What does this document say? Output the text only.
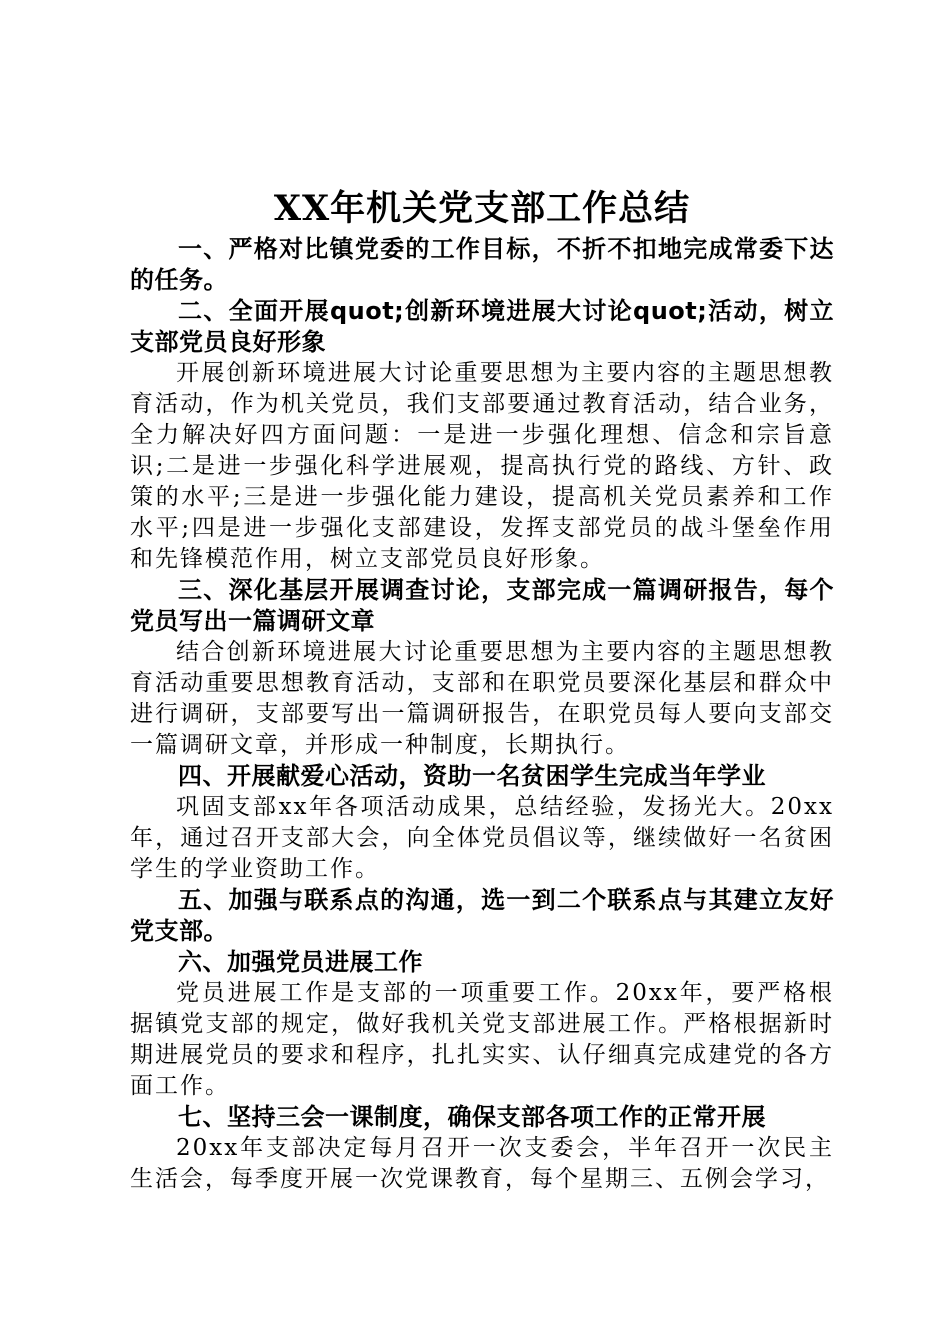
XX年机关党支部工作总结

一、严格对比镇党委的工作目标，不折不扣地完成常委下达的任务。

二、全面开展quot;创新环境进展大讨论quot;活动，树立支部党员良好形象

开展创新环境进展大讨论重要思想为主要内容的主题思想教育活动，作为机关党员，我们支部要通过教育活动，结合业务，全力解决好四方面问题：一是进一步强化理想、信念和宗旨意识;二是进一步强化科学进展观，提高执行党的路线、方针、政策的水平;三是进一步强化能力建设，提高机关党员素养和工作水平;四是进一步强化支部建设，发挥支部党员的战斗堡垒作用和先锋模范作用，树立支部党员良好形象。

三、深化基层开展调查讨论，支部完成一篇调研报告，每个党员写出一篇调研文章

结合创新环境进展大讨论重要思想为主要内容的主题思想教育活动重要思想教育活动，支部和在职党员要深化基层和群众中进行调研，支部要写出一篇调研报告，在职党员每人要向支部交一篇调研文章，并形成一种制度，长期执行。

四、开展献爱心活动，资助一名贫困学生完成当年学业

巩固支部xx年各项活动成果，总结经验，发扬光大。20xx年，通过召开支部大会，向全体党员倡议等，继续做好一名贫困学生的学业资助工作。

五、加强与联系点的沟通，选一到二个联系点与其建立友好党支部。

六、加强党员进展工作

党员进展工作是支部的一项重要工作。20xx年，要严格根据镇党支部的规定，做好我机关党支部进展工作。严格根据新时期进展党员的要求和程序，扎扎实实、认仔细真完成建党的各方面工作。

七、坚持三会一课制度，确保支部各项工作的正常开展

20xx年支部决定每月召开一次支委会，半年召开一次民主生活会，每季度开展一次党课教育，每个星期三、五例会学习，
